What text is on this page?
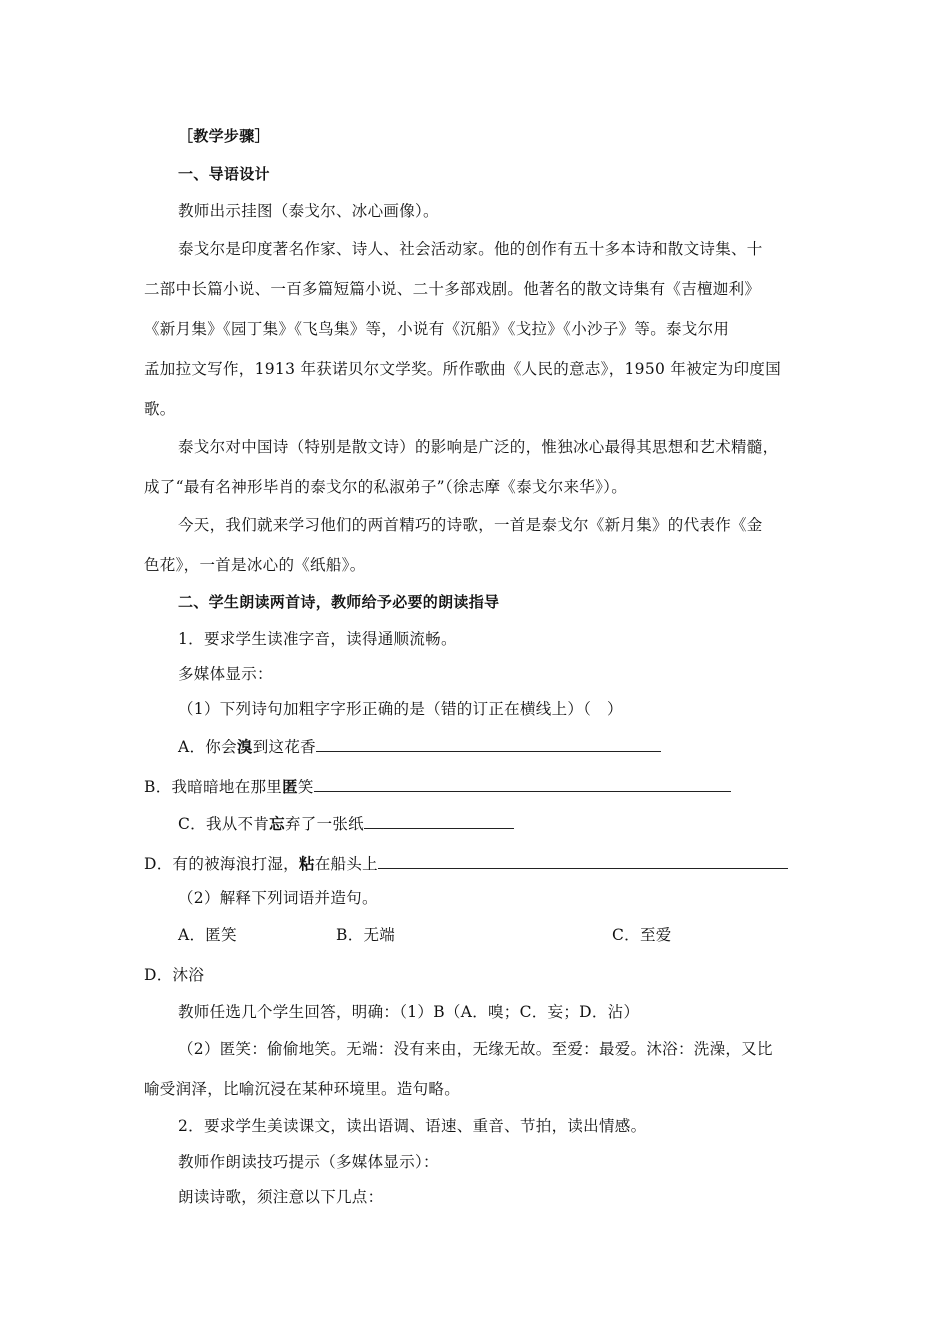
［教学步骤］
一、导语设计
教师出示挂图（泰戈尔、冰心画像）。
泰戈尔是印度著名作家、诗人、社会活动家。他的创作有五十多本诗和散文诗集、十
二部中长篇小说、一百多篇短篇小说、二十多部戏剧。他著名的散文诗集有《吉檀迦利》
《新月集》《园丁集》《飞鸟集》等，小说有《沉船》《戈拉》《小沙子》等。泰戈尔用
孟加拉文写作，1913 年获诺贝尔文学奖。所作歌曲《人民的意志》，1950 年被定为印度国
歌。
泰戈尔对中国诗（特别是散文诗）的影响是广泛的，惟独冰心最得其思想和艺术精髓，
成了“最有名神形毕肖的泰戈尔的私淑弟子”（徐志摩《泰戈尔来华》）。
今天，我们就来学习他们的两首精巧的诗歌，一首是泰戈尔《新月集》的代表作《金
色花》，一首是冰心的《纸船》。
二、学生朗读两首诗，教师给予必要的朗读指导
1．要求学生读准字音，读得通顺流畅。
多媒体显示：
（1）下列诗句加粗字字形正确的是（错的订正在横线上）（　）
A．你会溴到这花香
B．我暗暗地在那里匿笑
C．我从不肯忘弃了一张纸
D．有的被海浪打湿，粘在船头上
（2）解释下列词语并造句。
A．匿笑	B．无端	C．至爱
D．沐浴
教师任选几个学生回答，明确：（1）B（A．嗅；C．妄；D．沾）
（2）匿笑：偷偷地笑。无端：没有来由，无缘无故。至爱：最爱。沐浴：洗澡，又比
喻受润泽，比喻沉浸在某种环境里。造句略。
2．要求学生美读课文，读出语调、语速、重音、节拍，读出情感。
教师作朗读技巧提示（多媒体显示）：
朗读诗歌，须注意以下几点：
